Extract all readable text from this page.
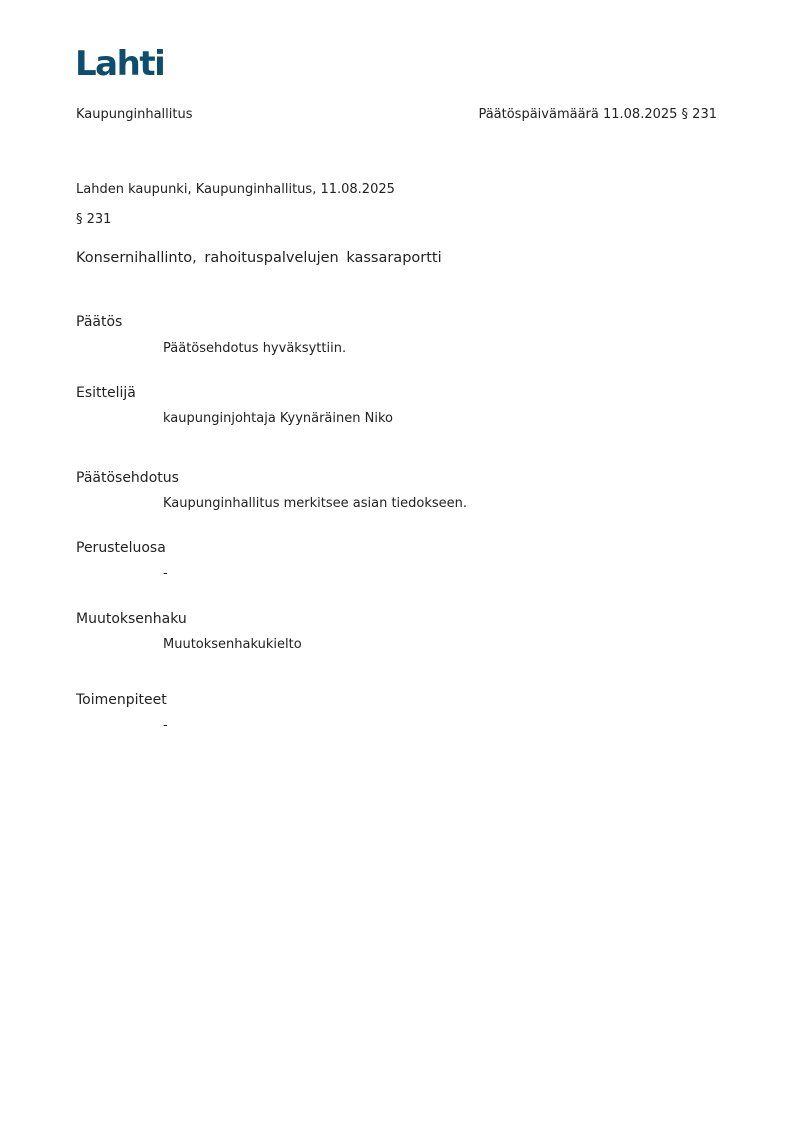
Lahti
Kaupunginhallitus	Päätöspäivämäärä 11.08.2025 § 231
Lahden kaupunki, Kaupunginhallitus, 11.08.2025
§ 231
Konsernihallinto, rahoituspalvelujen kassaraportti
Päätös
Päätösehdotus hyväksyttiin.
Esittelijä
kaupunginjohtaja Kyynäräinen Niko
Päätösehdotus
Kaupunginhallitus merkitsee asian tiedokseen.
Perusteluosa
-
Muutoksenhaku
Muutoksenhakukielto
Toimenpiteet
-
